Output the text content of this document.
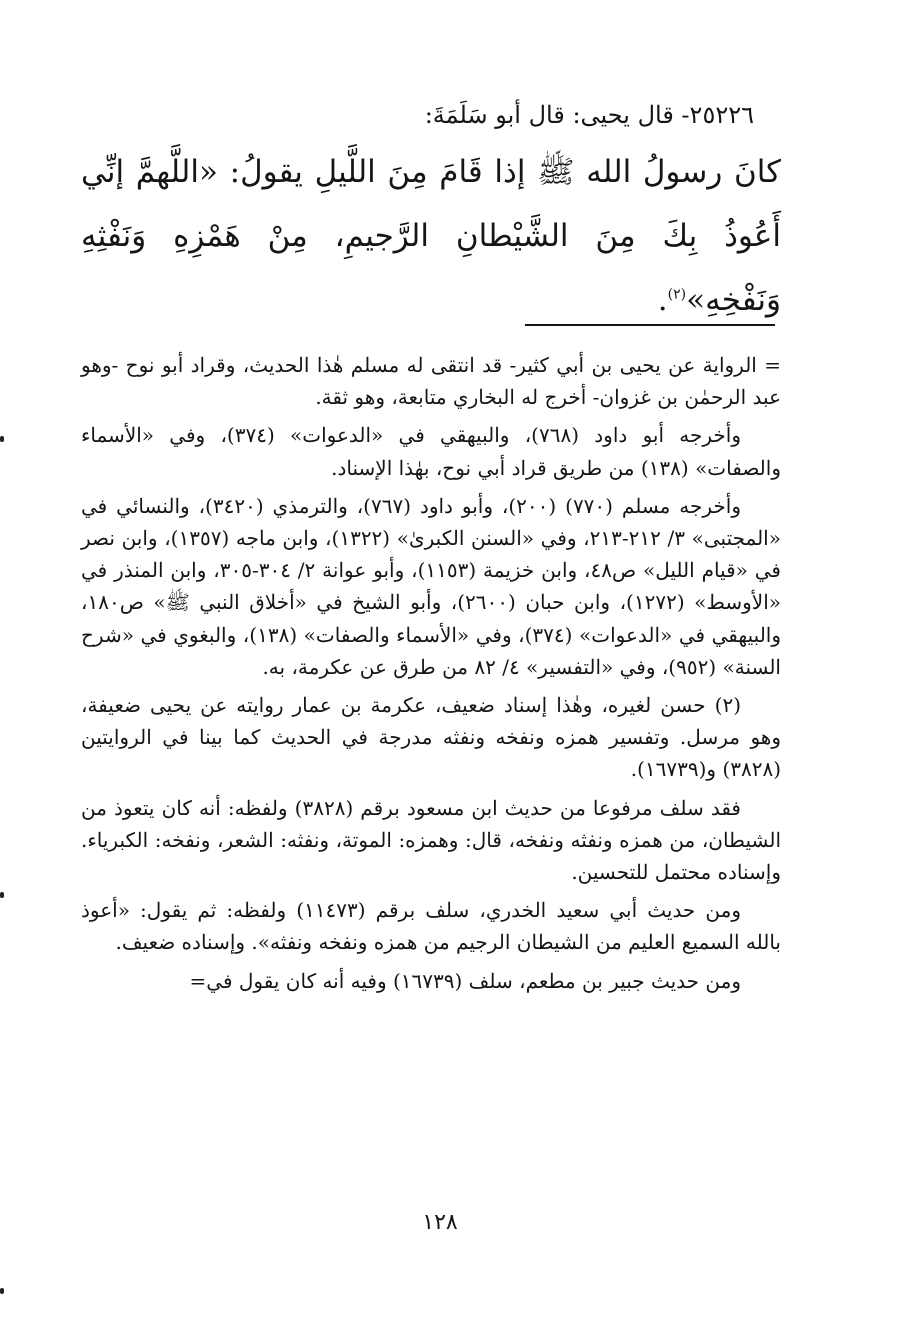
٢٥٢٢٦- قال يحيى: قال أبو سَلَمَةَ:
كانَ رسولُ الله ﷺ إذا قَامَ مِنَ اللَّيلِ يقولُ: «اللَّهمَّ إنِّي أَعُوذُ بِكَ مِنَ الشَّيْطانِ الرَّجيمِ، مِنْ هَمْزِهِ وَنَفْثِهِ وَنَفْخِهِ»$^{(٢)}$.

= الرواية عن يحيى بن أبي كثير- قد انتقى له مسلم هٰذا الحديث، وقراد أبو نوح -وهو عبد الرحمٰن بن غزوان- أخرج له البخاري متابعة، وهو ثقة.

وأخرجه أبو داود (٧٦٨)، والبيهقي في «الدعوات» (٣٧٤)، وفي «الأسماء والصفات» (١٣٨) من طريق قراد أبي نوح، بهٰذا الإسناد.

وأخرجه مسلم (٧٧٠) (٢٠٠)، وأبو داود (٧٦٧)، والترمذي (٣٤٢٠)، والنسائي في «المجتبى» ٣/ ٢١٢-٢١٣، وفي «السنن الكبرىٰ» (١٣٢٢)، وابن ماجه (١٣٥٧)، وابن نصر في «قيام الليل» ص٤٨، وابن خزيمة (١١٥٣)، وأبو عوانة ٢/ ٣٠٤-٣٠٥، وابن المنذر في «الأوسط» (١٢٧٢)، وابن حبان (٢٦٠٠)، وأبو الشيخ في «أخلاق النبي ﷺ» ص١٨٠، والبيهقي في «الدعوات» (٣٧٤)، وفي «الأسماء والصفات» (١٣٨)، والبغوي في «شرح السنة» (٩٥٢)، وفي «التفسير» ٤/ ٨٢ من طرق عن عكرمة، به.

(٢) حسن لغيره، وهٰذا إسناد ضعيف، عكرمة بن عمار روايته عن يحيى ضعيفة، وهو مرسل. وتفسير همزه ونفخه ونفثه مدرجة في الحديث كما بينا في الروايتين (٣٨٢٨) و(١٦٧٣٩).

فقد سلف مرفوعا من حديث ابن مسعود برقم (٣٨٢٨) ولفظه: أنه كان يتعوذ من الشيطان، من همزه ونفثه ونفخه، قال: وهمزه: الموتة، ونفثه: الشعر، ونفخه: الكبرياء. وإسناده محتمل للتحسين.

ومن حديث أبي سعيد الخدري، سلف برقم (١١٤٧٣) ولفظه: ثم يقول: «أعوذ بالله السميع العليم من الشيطان الرجيم من همزه ونفخه ونفثه». وإسناده ضعيف.

ومن حديث جبير بن مطعم، سلف (١٦٧٣٩) وفيه أنه كان يقول في=

١٢٨
